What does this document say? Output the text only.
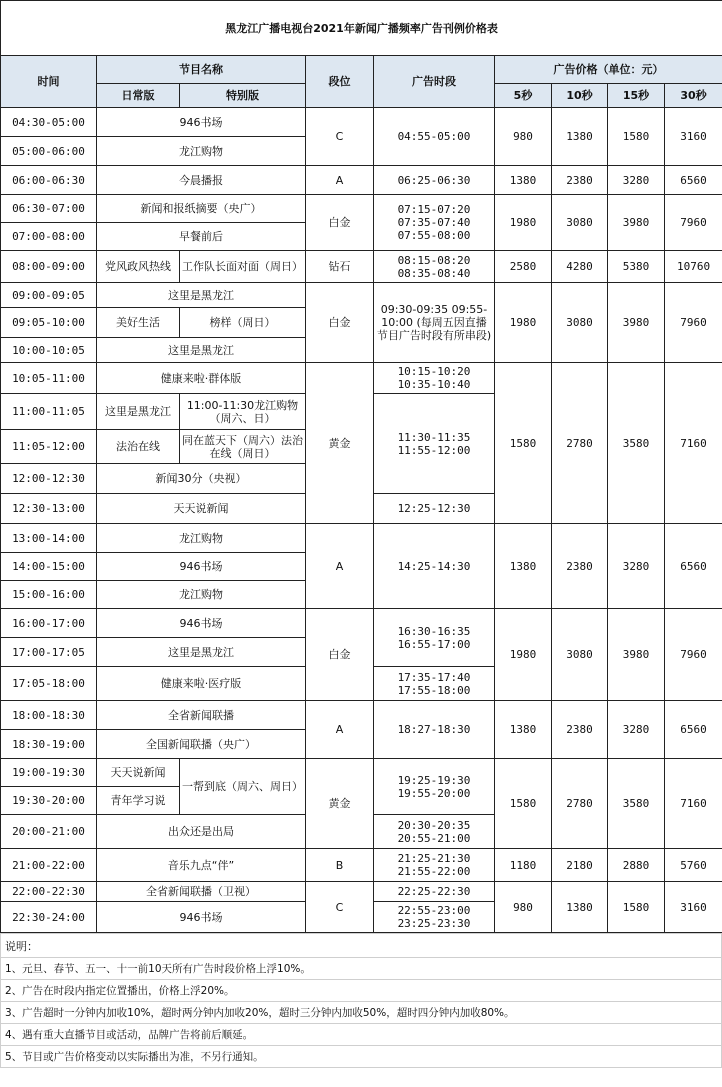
黑龙江广播电视台2021年新闻广播频率广告刊例价格表								
时间	节目名称		段位	广告时段	广告价格（单位：元）			
	日常版	特别版			5秒	10秒	15秒	30秒
04:30-05:00	946书场		C	04:55-05:00	980	1380	1580	3160
05:00-06:00	龙江购物							
06:00-06:30	今晨播报		A	06:25-06:30	1380	2380	3280	6560
06:30-07:00	新闻和报纸摘要（央广）		白金	07:15-07:20 07:35-07:40 07:55-08:00	1980	3080	3980	7960
07:00-08:00	早餐前后							
08:00-09:00	党风政风热线	工作队长面对面（周日）	钻石	08:15-08:20 08:35-08:40	2580	4280	5380	10760
09:00-09:05	这里是黑龙江		白金	09:30-09:35 09:55-10:00 (每周五因直播节目广告时段有所串段)	1980	3080	3980	7960
09:05-10:00	美好生活	榜样（周日）						
10:00-10:05	这里是黑龙江							
10:05-11:00	健康来啦·群体版		黄金	10:15-10:20 10:35-10:40	1580	2780	3580	7160
11:00-11:05	这里是黑龙江	11:00-11:30龙江购物（周六、日）		11:30-11:35 11:55-12:00				
11:05-12:00	法治在线	同在蓝天下（周六）法治在线（周日）						
12:00-12:30	新闻30分（央视）							
12:30-13:00	天天说新闻			12:25-12:30				
13:00-14:00	龙江购物		A	14:25-14:30	1380	2380	3280	6560
14:00-15:00	946书场							
15:00-16:00	龙江购物							
16:00-17:00	946书场		白金	16:30-16:35 16:55-17:00	1980	3080	3980	7960
17:00-17:05	这里是黑龙江							
17:05-18:00	健康来啦·医疗版			17:35-17:40 17:55-18:00				
18:00-18:30	全省新闻联播		A	18:27-18:30	1380	2380	3280	6560
18:30-19:00	全国新闻联播（央广）							
19:00-19:30	天天说新闻	一帮到底（周六、周日）	黄金	19:25-19:30 19:55-20:00	1580	2780	3580	7160
19:30-20:00	青年学习说							
20:00-21:00	出众还是出局			20:30-20:35 20:55-21:00				
21:00-22:00	音乐九点“伴”		B	21:25-21:30 21:55-22:00	1180	2180	2880	5760
22:00-22:30	全省新闻联播（卫视）		C	22:25-22:30	980	1380	1580	3160
22:30-24:00	946书场			22:55-23:00 23:25-23:30				
说明：
1、元旦、春节、五一、十一前10天所有广告时段价格上浮10%。
2、广告在时段内指定位置播出，价格上浮20%。
3、广告超时一分钟内加收10%，超时两分钟内加收20%，超时三分钟内加收50%，超时四分钟内加收80%。
4、遇有重大直播节目或活动，品牌广告将前后顺延。
5、节目或广告价格变动以实际播出为准，不另行通知。
